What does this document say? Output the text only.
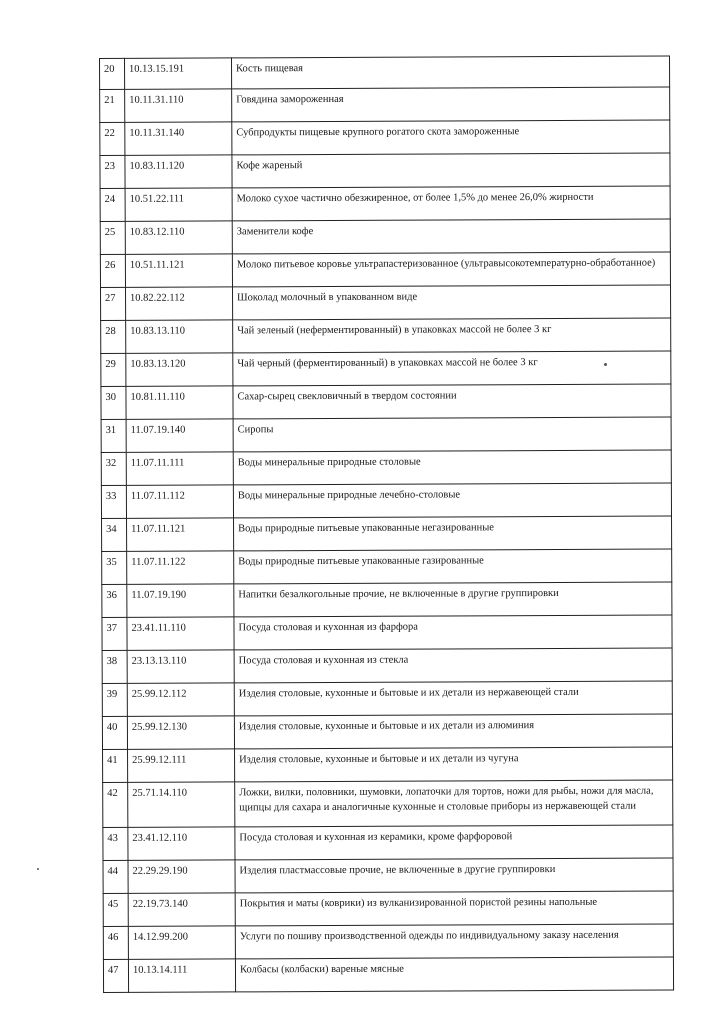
20	10.13.15.191	Кость пищевая
21	10.11.31.110	Говядина замороженная
22	10.11.31.140	Субпродукты пищевые крупного рогатого скота замороженные
23	10.83.11.120	Кофе жареный
24	10.51.22.111	Молоко сухое частично обезжиренное, от более 1,5% до менее 26,0% жирности
25	10.83.12.110	Заменители кофе
26	10.51.11.121	Молоко питьевое коровье ультрапастеризованное (ультравысокотемпературно-обработанное)
27	10.82.22.112	Шоколад молочный в упакованном виде
28	10.83.13.110	Чай зеленый (неферментированный) в упаковках массой не более 3 кг
29	10.83.13.120	Чай черный (ферментированный) в упаковках массой не более 3 кг
30	10.81.11.110	Сахар-сырец свекловичный в твердом состоянии
31	11.07.19.140	Сиропы
32	11.07.11.111	Воды минеральные природные столовые
33	11.07.11.112	Воды минеральные природные лечебно-столовые
34	11.07.11.121	Воды природные питьевые упакованные негазированные
35	11.07.11.122	Воды природные питьевые упакованные газированные
36	11.07.19.190	Напитки безалкогольные прочие, не включенные в другие группировки
37	23.41.11.110	Посуда столовая и кухонная из фарфора
38	23.13.13.110	Посуда столовая и кухонная из стекла
39	25.99.12.112	Изделия столовые, кухонные и бытовые и их детали из нержавеющей стали
40	25.99.12.130	Изделия столовые, кухонные и бытовые и их детали из алюминия
41	25.99.12.111	Изделия столовые, кухонные и бытовые и их детали из чугуна
42	25.71.14.110	Ложки, вилки, половники, шумовки, лопаточки для тортов, ножи для рыбы, ножи для масла, щипцы для сахара и аналогичные кухонные и столовые приборы из нержавеющей стали
43	23.41.12.110	Посуда столовая и кухонная из керамики, кроме фарфоровой
44	22.29.29.190	Изделия пластмассовые прочие, не включенные в другие группировки
45	22.19.73.140	Покрытия и маты (коврики) из вулканизированной пористой резины напольные
46	14.12.99.200	Услуги по пошиву производственной одежды по индивидуальному заказу населения
47	10.13.14.111	Колбасы (колбаски) вареные мясные
